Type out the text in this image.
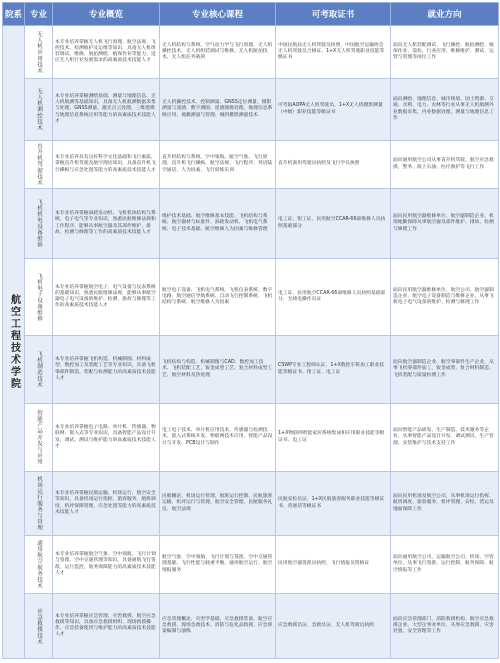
院系	专业	专业概览	专业核心课程	可考取证书	就业方向
航空工程技术学院	无人机应用技术	本专业培养掌握无人机飞行原理、航空法规、飞控技术、检测维护及运维等知识，具备无人机组装调试、维修、航拍测绘、植保作业等能力，适应无人机行业发展需求的高素质技术技能人才	无人机结构与系统、空气动力学与飞行原理、无人机操控技术、无人机组装调试与维修、无人机航拍技术、无人机任务载荷	中国民航局无人机驾驶员执照、中国航空运输协会无人机驾驶员合格证、1+X无人机驾驶职业技能等级证书	面向无人机装配调试、飞行操控、航拍测绘、植保作业、巡检、行业应用、维修维护、测试、运营与管理等岗位工作
	无人机测绘技术	本专业培养掌握测绘基础、测量与地理信息、无人机航测等基础知识，具备无人机航测数据采集与处理、GNSS测量、激光点云处理、三维建模与地理信息系统应用等能力的高素质技术技能人才	无人机操控技术、控制测量、GNSS定位测量、摄影测量与遥感、数字测图、遥感图像处理、地理信息系统应用、地籍测量与管理、倾斜摄影测量技术	可考取AOPA无人机驾驶员、1+X无人机摄影测量（中级）职业技能等级证书	面向测绘、地理信息、城市规划、国土资源、交通、水利、电力、农林等行业从事无人机航测外业数据采集、内业数据处理、测量与地理信息工作
	直升机驾驶技术	本专业培养具有良好科学文化基础和飞行素质，掌握直升机驾驶及航空理论知识，具备直升机飞行操纵与应急处置等能力的高素质技术技能人才	直升机结构与系统、空中领航、航空气象、飞行原理、直升机飞行操纵、航空法规、飞行程序、英语陆空通话、人为因素、飞行训练实训	直升机商用驾驶员执照及飞行学员执照	面向通用航空公司从事直升机驾驶、航空应急救援、警务、海上石油、医疗救护等飞行工作
	飞机机电设备维修	本专业培养掌握涡轮发动机、飞机机体结构与系统、电子电气等专业知识，熟悉民航维修法规和工作程序，能够从事航空器及其部件维护、排故、检测与修理等工作的高素质技术技能人才	维护技术基础、航空维修基本技能、飞机结构与系统、航空器材与标准件、涡轮发动机、飞机电气系统、电子技术基础、航空维修人为因素与维修管理	电工证、钳工证、民用航空CCAR-66部维修人员执照基础部分	面向民用航空器维修单位、航空器制造企业、机场地勤保障从事航空器及部件维护、排故、检测与修理工作
	飞机电子设备维修	本专业培养掌握航空电子、电气设备与仪表系统的基础知识，熟悉民航维修法规，能够从事航空器电子电气设备的维护、检测、排故与修理等工作的高素质技术技能人才	航空电子设备、飞机电气系统、飞机仪表系统、数字电路、航空通信导航系统、自动飞行控制系统、飞机结构与系统、航空维修人为因素	电工证、民用航空CCAR-66部维修人员执照基础部分、无线电操作员证	面向民用航空器维修单位、航空公司、航空器制造企业、航空电子设备制造与维修企业，从事飞机电子电气设备的维护、检测与修理工作
	飞机制造技术	本专业培养掌握飞机构造、机械制图、材料成型、数控加工及装配工艺等专业知识，具备飞机零部件制造、装配与检测能力的高素质技术技能人才	飞机结构与构造、机械制图与CAD、数控加工技术、飞机装配工艺、钣金成型工艺、复合材料成型工艺、航空材料及热处理	CSWP专业工程师认证、1+X数控车铣加工职业技能等级证书、钳工证、电工证	面向航空器制造企业、航空零部件生产企业，从事飞机零部件加工、钣金成型、复合材料制造、飞机装配与质量检测工作
	智能产品开发与应用	本专业培养掌握电子电路、单片机、传感器、物联网、嵌入式等专业知识，具备智能产品设计开发、调试、测试与维护能力的高素质技术技能人才	电工电子技术、单片机应用技术、传感器与检测技术、嵌入式系统开发、物联网技术应用、智能产品设计与开发、PCB设计与制作	1+X物联网智能家居系统集成和应用职业技能等级证书、电工证	面向智能产品研发、生产制造、技术服务等企业，从事智能产品设计开发、调试测试、生产管理、安装维护与技术支持工作
	机场运行服务与管理	本专业培养掌握民航运输、机场运行、航空安全等知识，具备机场运行指挥、旅客服务、航班调度、机坪保障管理、应急处置等能力的高素质技术技能人才	民航概论、机场运行管理、航班运行控制、民航旅客运输、机坪运行与管理、航空安全管理、民航服务礼仪、航空法规	民航安检员证、1+X民航旅客服务职业技能等级证书、普通话等级证书	面向民用机场及航空公司，从事机场运行指挥、航班调度、旅客服务、机坪管理、安检、货运及地面保障工作
	通用航空航务技术	本专业培养掌握航空气象、空中领航、飞行计划与签派、空中交通管理等知识，具备通航飞行签派、运行监控、航务保障能力的高素质技术技能人才	航空气象、空中领航、飞行计划与签派、空中交通管理基础、飞行性能与载重平衡、通用航空运行、航空情报服务	民用航空器签派员执照、飞行情报员资格证	面向通用航空公司、运输航空公司、机场、空管单位，从事飞行签派、运行控制、航务保障、航空情报等工作
	应急救援技术	本专业培养掌握应急管理、灾害救援、航空应急救援等知识，具备应急救援组织、现场救援操作、应急装备使用与维护能力的高素质技术技能人才	应急管理概论、灾害学基础、应急救援装备、航空应急救援、现场急救技术、消防与危化品救援、应急预案编制与演练	应急救援员证、急救员证、无人机驾驶员执照	面向应急管理部门、消防救援机构、航空应急救援企业、大型企事业单位，从事应急救援、灾害处置、安全管理等工作
